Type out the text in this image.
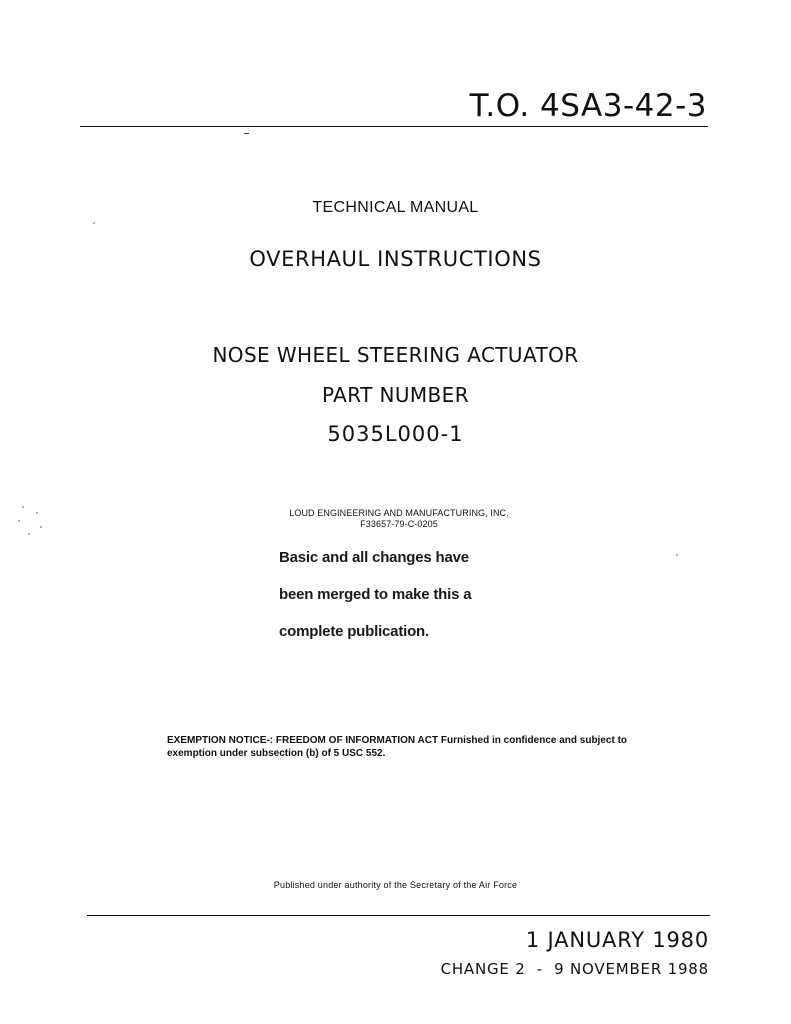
T.O. 4SA3-42-3
TECHNICAL MANUAL
OVERHAUL INSTRUCTIONS
NOSE WHEEL STEERING ACTUATOR
PART NUMBER
5035L000-1
LOUD ENGINEERING AND MANUFACTURING, INC.
F33657-79-C-0205
Basic and all changes have
been merged to make this a
complete publication.
EXEMPTION NOTICE-: FREEDOM OF INFORMATION ACT Furnished in confidence and subject to exemption under subsection (b) of 5 USC 552.
Published under authority of the Secretary of the Air Force
1 JANUARY 1980
CHANGE 2  -  9 NOVEMBER 1988
